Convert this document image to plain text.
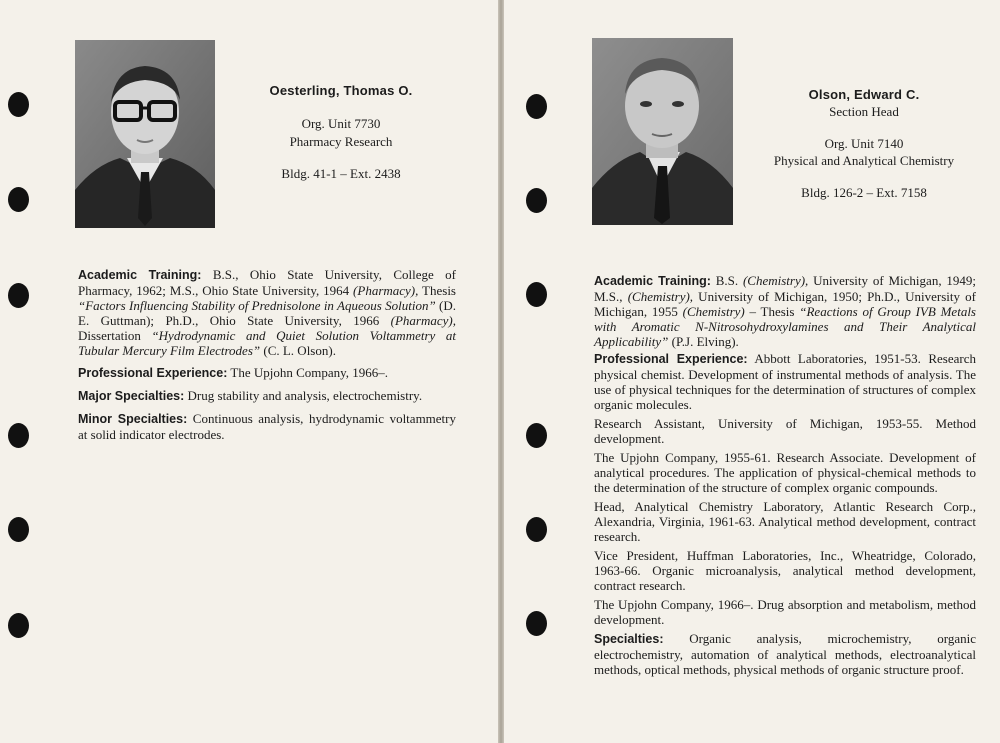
Oesterling, Thomas O.
Org. Unit 7730
Pharmacy Research
Bldg. 41-1 – Ext. 2438

Academic Training: B.S., Ohio State University, College of Pharmacy, 1962; M.S., Ohio State University, 1964 (Pharmacy), Thesis “Factors Influencing Stability of Prednisolone in Aqueous Solution” (D. E. Guttman); Ph.D., Ohio State University, 1966 (Pharmacy), Dissertation “Hydrodynamic and Quiet Solution Voltammetry at Tubular Mercury Film Electrodes” (C. L. Olson).

Professional Experience: The Upjohn Company, 1966–.

Major Specialties: Drug stability and analysis, electrochemistry.

Minor Specialties: Continuous analysis, hydrodynamic voltammetry at solid indicator electrodes.

Olson, Edward C.
Section Head
Org. Unit 7140
Physical and Analytical Chemistry
Bldg. 126-2 – Ext. 7158

Academic Training: B.S. (Chemistry), University of Michigan, 1949; M.S., (Chemistry), University of Michigan, 1950; Ph.D., University of Michigan, 1955 (Chemistry) – Thesis “Reactions of Group IVB Metals with Aromatic N-Nitrosohydroxylamines and Their Analytical Applicability” (P.J. Elving).

Professional Experience: Abbott Laboratories, 1951-53. Research physical chemist. Development of instrumental methods of analysis. The use of physical techniques for the determination of structures of complex organic molecules.

Research Assistant, University of Michigan, 1953-55. Method development.

The Upjohn Company, 1955-61. Research Associate. Development of analytical procedures. The application of physical-chemical methods to the determination of the structure of complex organic compounds.

Head, Analytical Chemistry Laboratory, Atlantic Research Corp., Alexandria, Virginia, 1961-63. Analytical method development, contract research.

Vice President, Huffman Laboratories, Inc., Wheatridge, Colorado, 1963-66. Organic microanalysis, analytical method development, contract research.

The Upjohn Company, 1966–. Drug absorption and metabolism, method development.

Specialties: Organic analysis, microchemistry, organic electrochemistry, automation of analytical methods, electroanalytical methods, optical methods, physical methods of organic structure proof.
